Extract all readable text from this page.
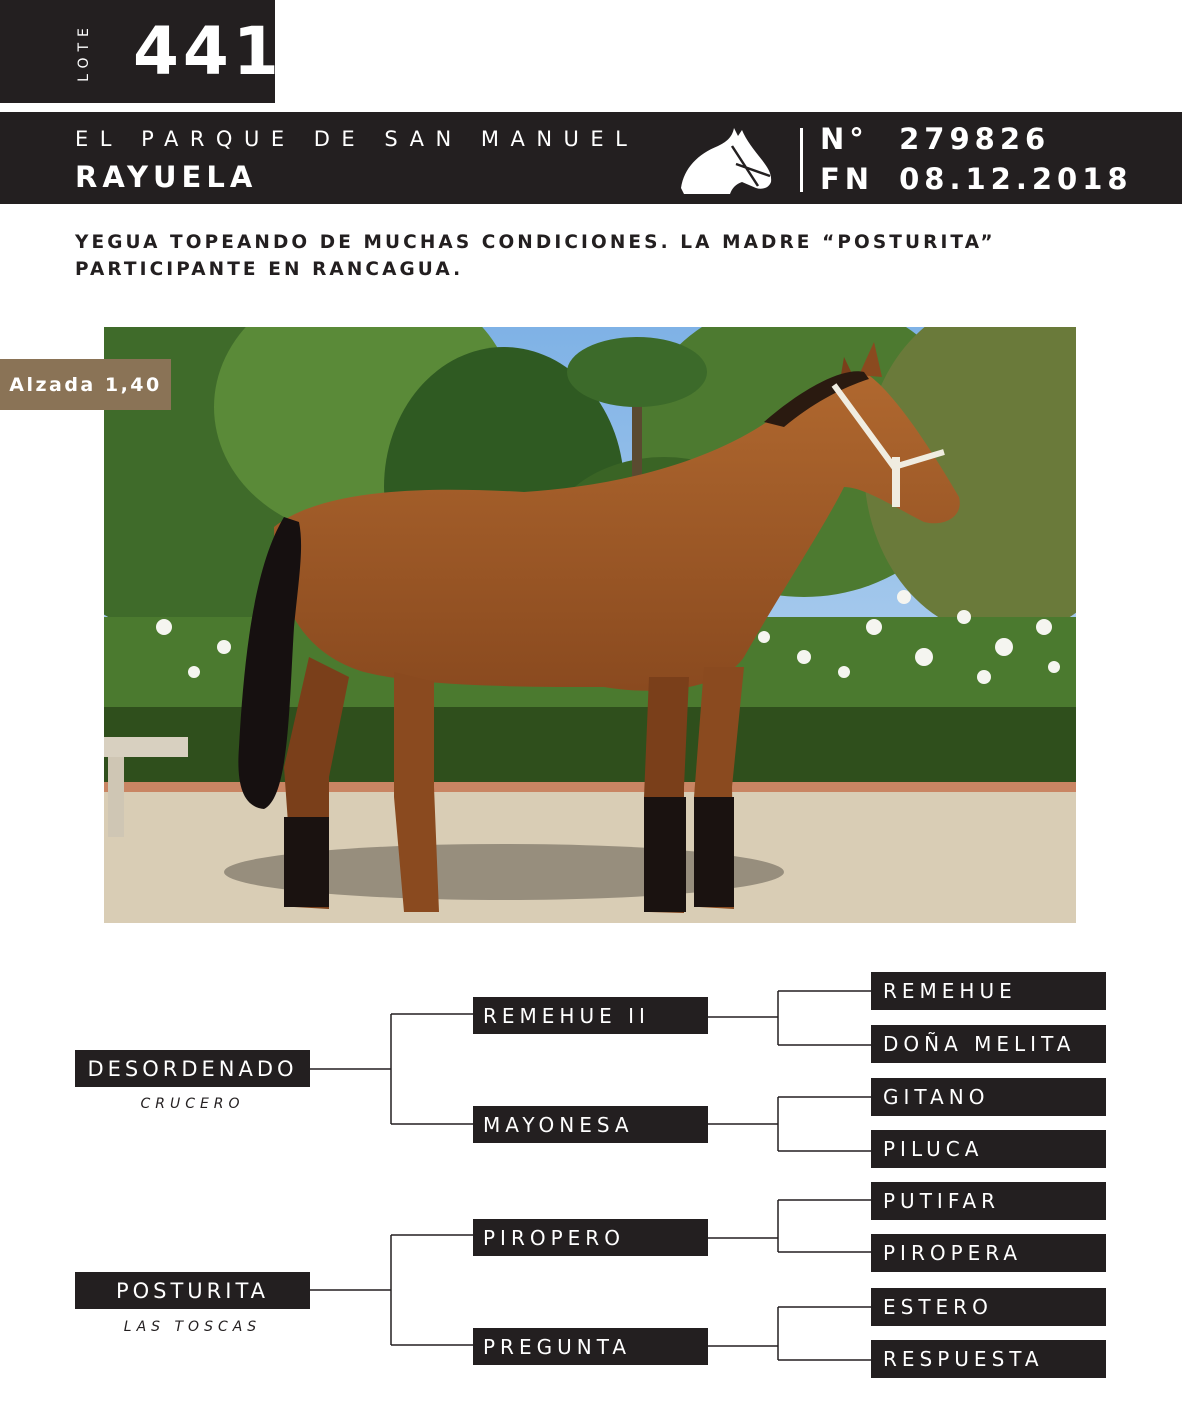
LOTE 441
EL PARQUE DE SAN MANUEL
RAYUELA
N° 279826
FN 08.12.2018
YEGUA TOPEANDO DE MUCHAS CONDICIONES. LA MADRE “POSTURITA”
PARTICIPANTE EN RANCAGUA.
Alzada 1,40
DESORDENADO
CRUCERO
POSTURITA
LAS TOSCAS
REMEHUE II
MAYONESA
PIROPERO
PREGUNTA
REMEHUE
DOÑA MELITA
GITANO
PILUCA
PUTIFAR
PIROPERA
ESTERO
RESPUESTA
